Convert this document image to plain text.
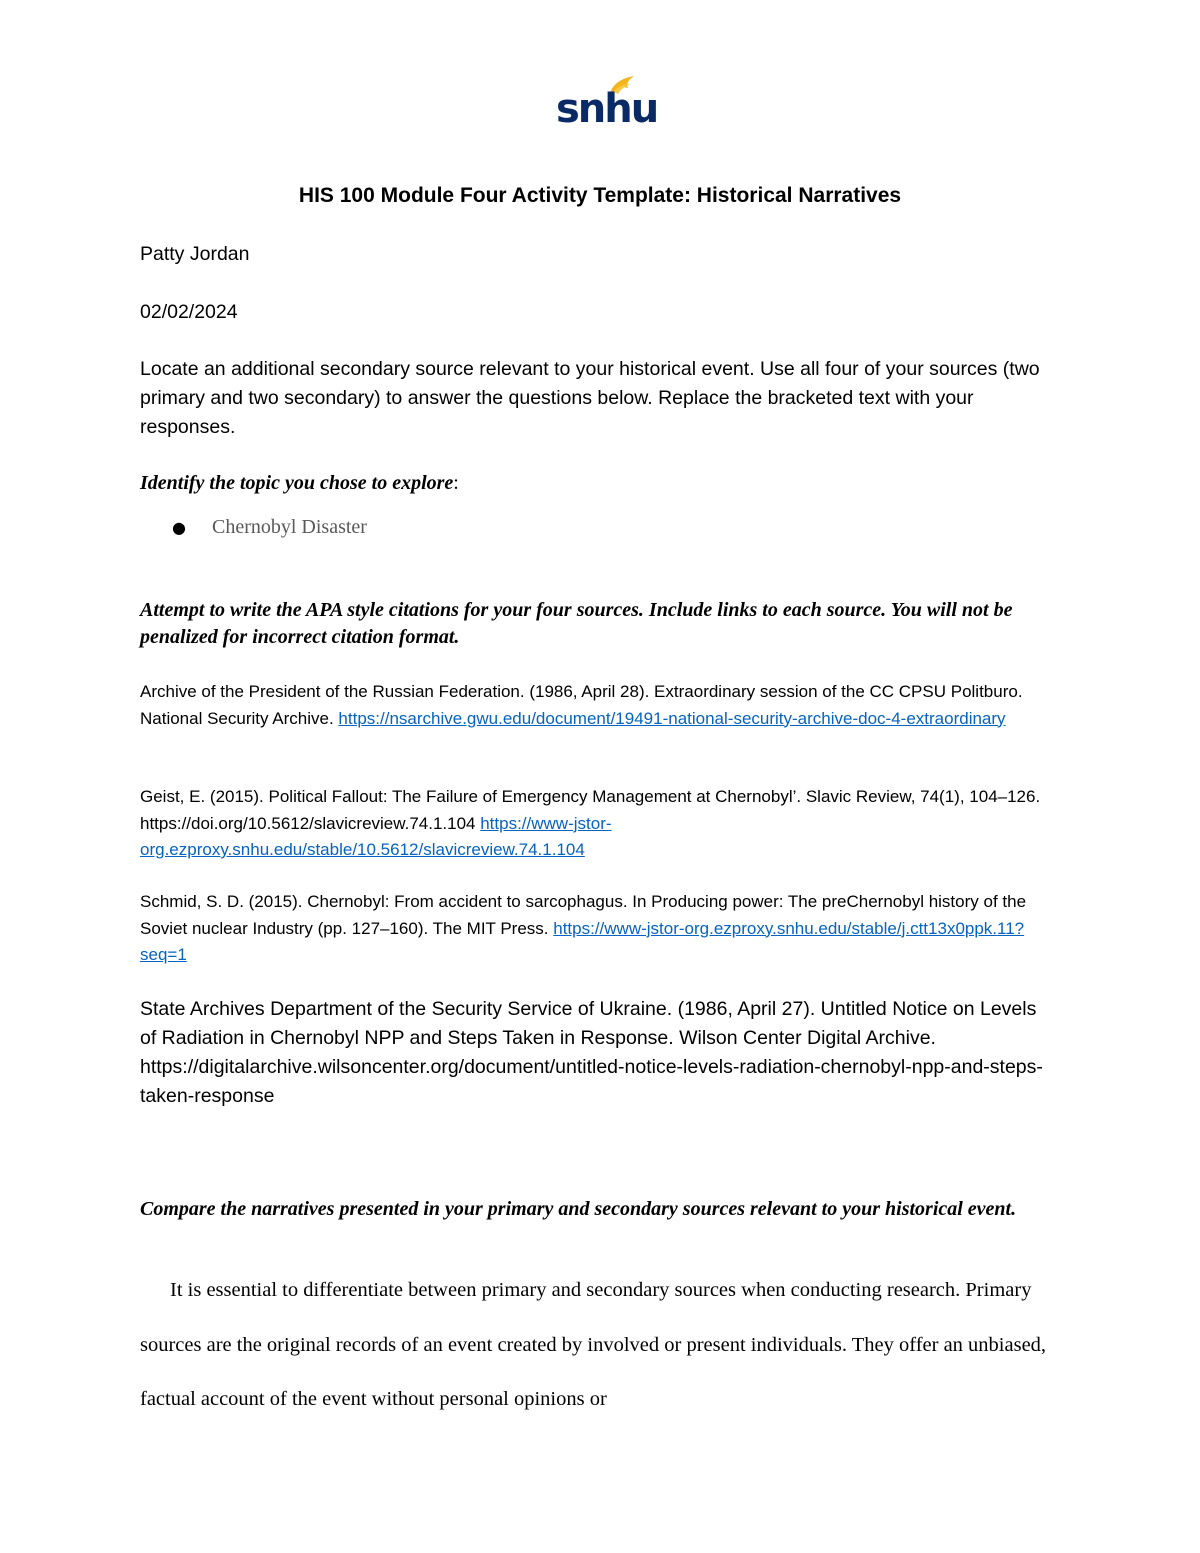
snhu
HIS 100 Module Four Activity Template: Historical Narratives
Patty Jordan
02/02/2024
Locate an additional secondary source relevant to your historical event. Use all four of your sources (two primary and two secondary) to answer the questions below. Replace the bracketed text with your responses.
Identify the topic you chose to explore:
●	Chernobyl Disaster
Attempt to write the APA style citations for your four sources. Include links to each source. You will not be penalized for incorrect citation format.
Archive of the President of the Russian Federation. (1986, April 28). Extraordinary session of the CC CPSU Politburo. National Security Archive. https://nsarchive.gwu.edu/document/19491-national-security-archive-doc-4-extraordinary
Geist, E. (2015). Political Fallout: The Failure of Emergency Management at Chernobyl’. Slavic Review, 74(1), 104–126. https://doi.org/10.5612/slavicreview.74.1.104 https://www-jstor-org.ezproxy.snhu.edu/stable/10.5612/slavicreview.74.1.104
Schmid, S. D. (2015). Chernobyl: From accident to sarcophagus. In Producing power: The preChernobyl history of the Soviet nuclear Industry (pp. 127–160). The MIT Press. https://www-jstor-org.ezproxy.snhu.edu/stable/j.ctt13x0ppk.11?seq=1
State Archives Department of the Security Service of Ukraine. (1986, April 27). Untitled Notice on Levels of Radiation in Chernobyl NPP and Steps Taken in Response. Wilson Center Digital Archive. https://digitalarchive.wilsoncenter.org/document/untitled-notice-levels-radiation-chernobyl-npp-and-steps-taken-response
Compare the narratives presented in your primary and secondary sources relevant to your historical event.
It is essential to differentiate between primary and secondary sources when conducting research. Primary sources are the original records of an event created by involved or present individuals. They offer an unbiased, factual account of the event without personal opinions or
